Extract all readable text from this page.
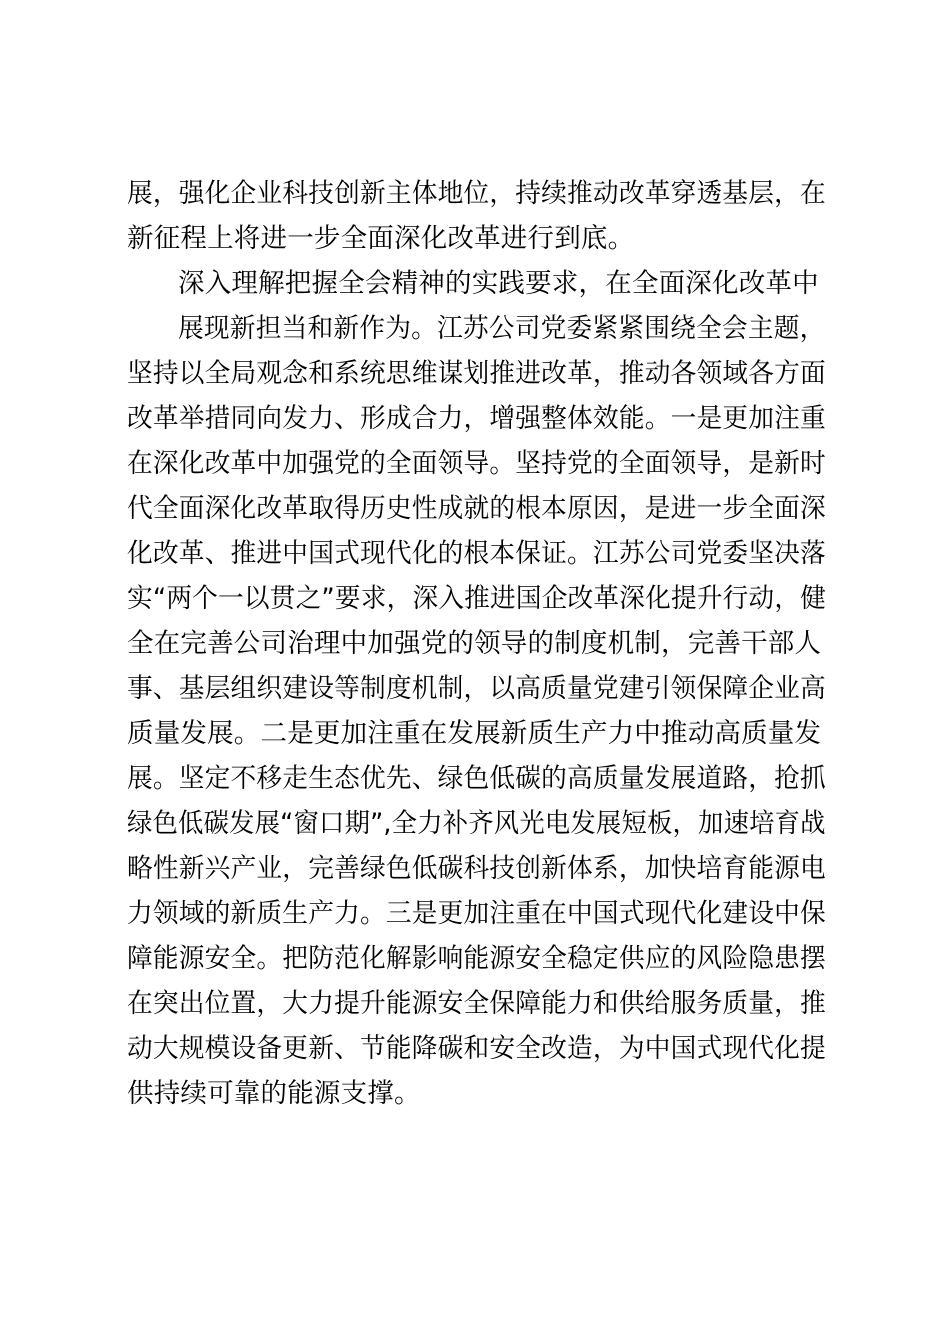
展，强化企业科技创新主体地位，持续推动改革穿透基层，在
新征程上将进一步全面深化改革进行到底。
深入理解把握全会精神的实践要求，在全面深化改革中
展现新担当和新作为。江苏公司党委紧紧围绕全会主题，
坚持以全局观念和系统思维谋划推进改革，推动各领域各方面
改革举措同向发力、形成合力，增强整体效能。一是更加注重
在深化改革中加强党的全面领导。坚持党的全面领导，是新时
代全面深化改革取得历史性成就的根本原因，是进一步全面深
化改革、推进中国式现代化的根本保证。江苏公司党委坚决落
实“两个一以贯之”要求，深入推进国企改革深化提升行动，健
全在完善公司治理中加强党的领导的制度机制，完善干部人
事、基层组织建设等制度机制，以高质量党建引领保障企业高
质量发展。二是更加注重在发展新质生产力中推动高质量发
展。坚定不移走生态优先、绿色低碳的高质量发展道路，抢抓
绿色低碳发展“窗口期”,全力补齐风光电发展短板，加速培育战
略性新兴产业，完善绿色低碳科技创新体系，加快培育能源电
力领域的新质生产力。三是更加注重在中国式现代化建设中保
障能源安全。把防范化解影响能源安全稳定供应的风险隐患摆
在突出位置，大力提升能源安全保障能力和供给服务质量，推
动大规模设备更新、节能降碳和安全改造，为中国式现代化提
供持续可靠的能源支撑。
